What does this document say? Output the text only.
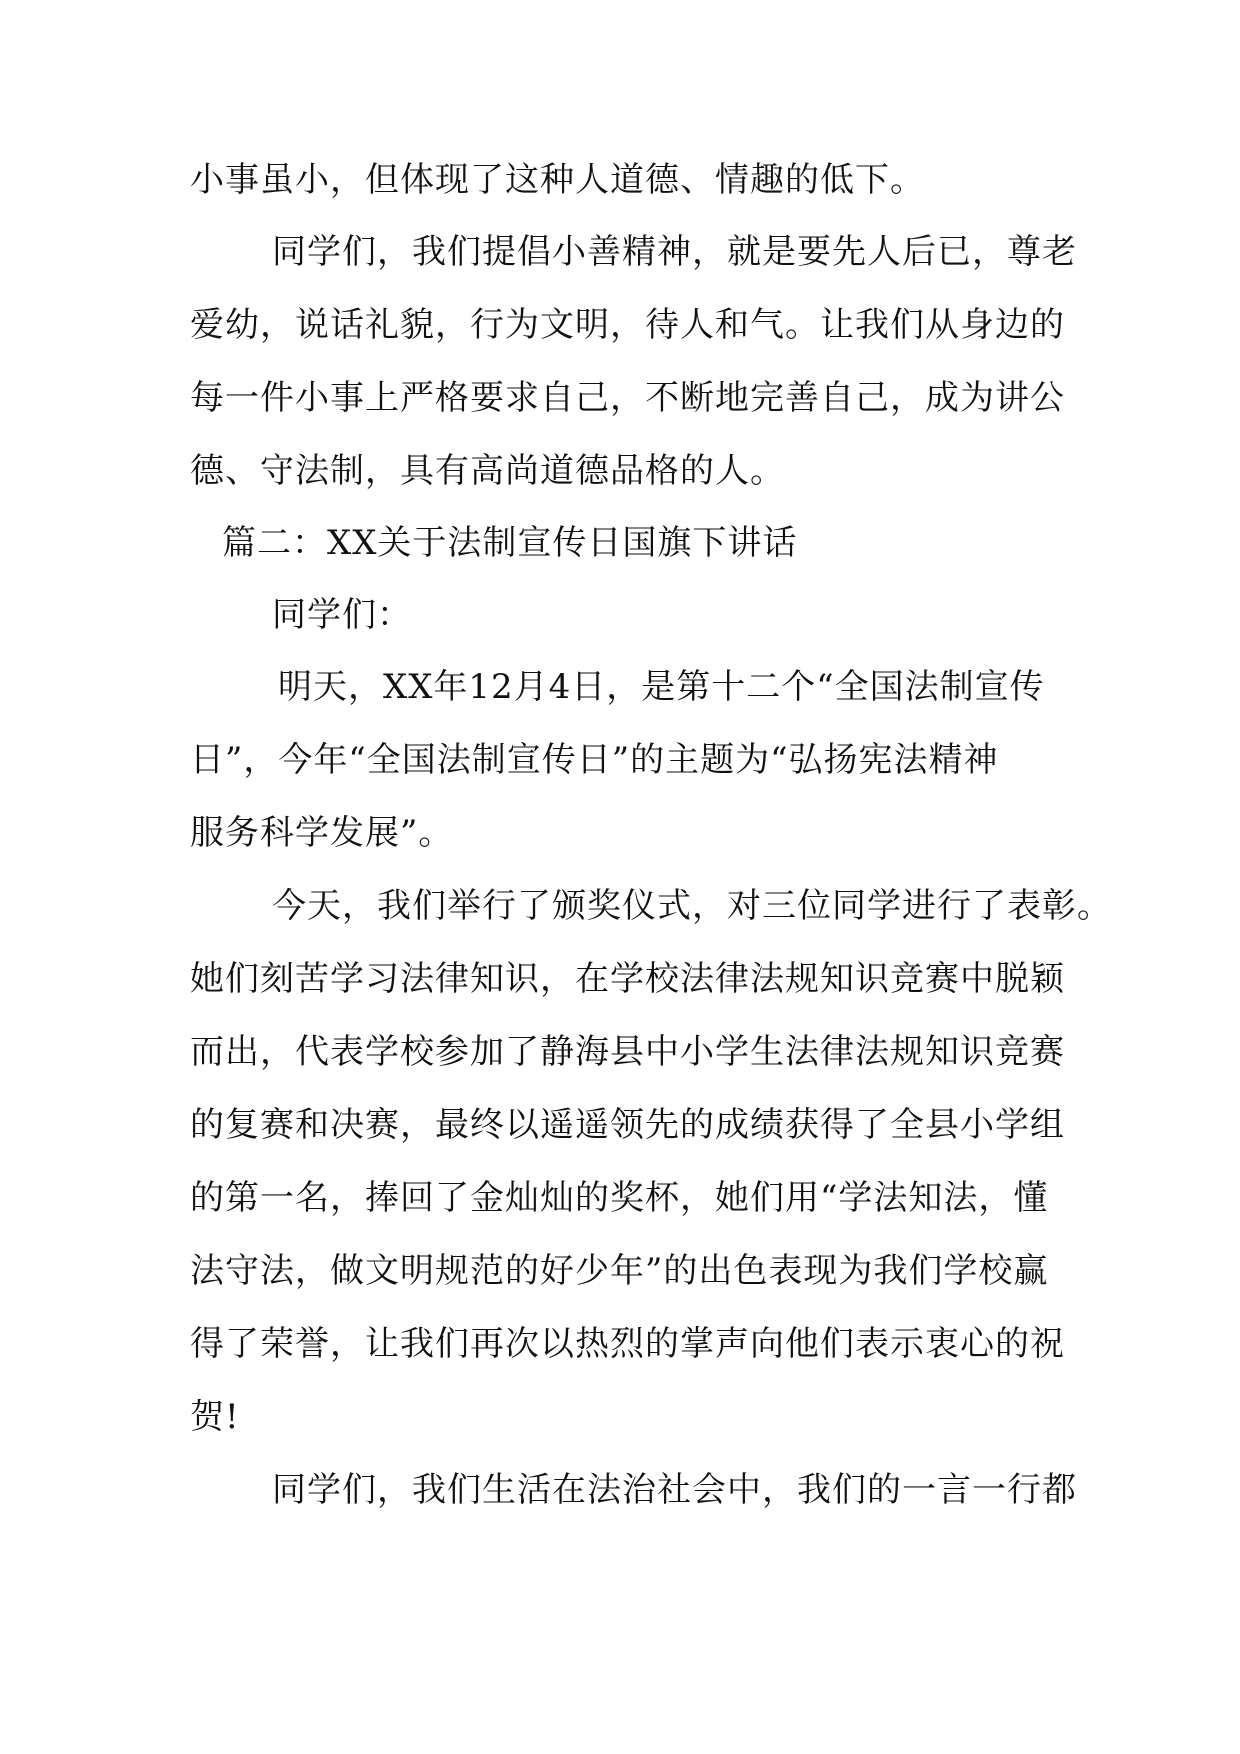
小事虽小，但体现了这种人道德、情趣的低下。
同学们，我们提倡小善精神，就是要先人后已，尊老
爱幼，说话礼貌，行为文明，待人和气。让我们从身边的
每一件小事上严格要求自己，不断地完善自己，成为讲公
德、守法制，具有高尚道德品格的人。
篇二：XX关于法制宣传日国旗下讲话
同学们：
明天，XX年12月4日，是第十二个“全国法制宣传
日”，今年“全国法制宣传日”的主题为“弘扬宪法精神
服务科学发展”。
今天，我们举行了颁奖仪式，对三位同学进行了表彰。
她们刻苦学习法律知识，在学校法律法规知识竞赛中脱颖
而出，代表学校参加了静海县中小学生法律法规知识竞赛
的复赛和决赛，最终以遥遥领先的成绩获得了全县小学组
的第一名，捧回了金灿灿的奖杯，她们用“学法知法，懂
法守法，做文明规范的好少年”的出色表现为我们学校赢
得了荣誉，让我们再次以热烈的掌声向他们表示衷心的祝
贺!
同学们，我们生活在法治社会中，我们的一言一行都
